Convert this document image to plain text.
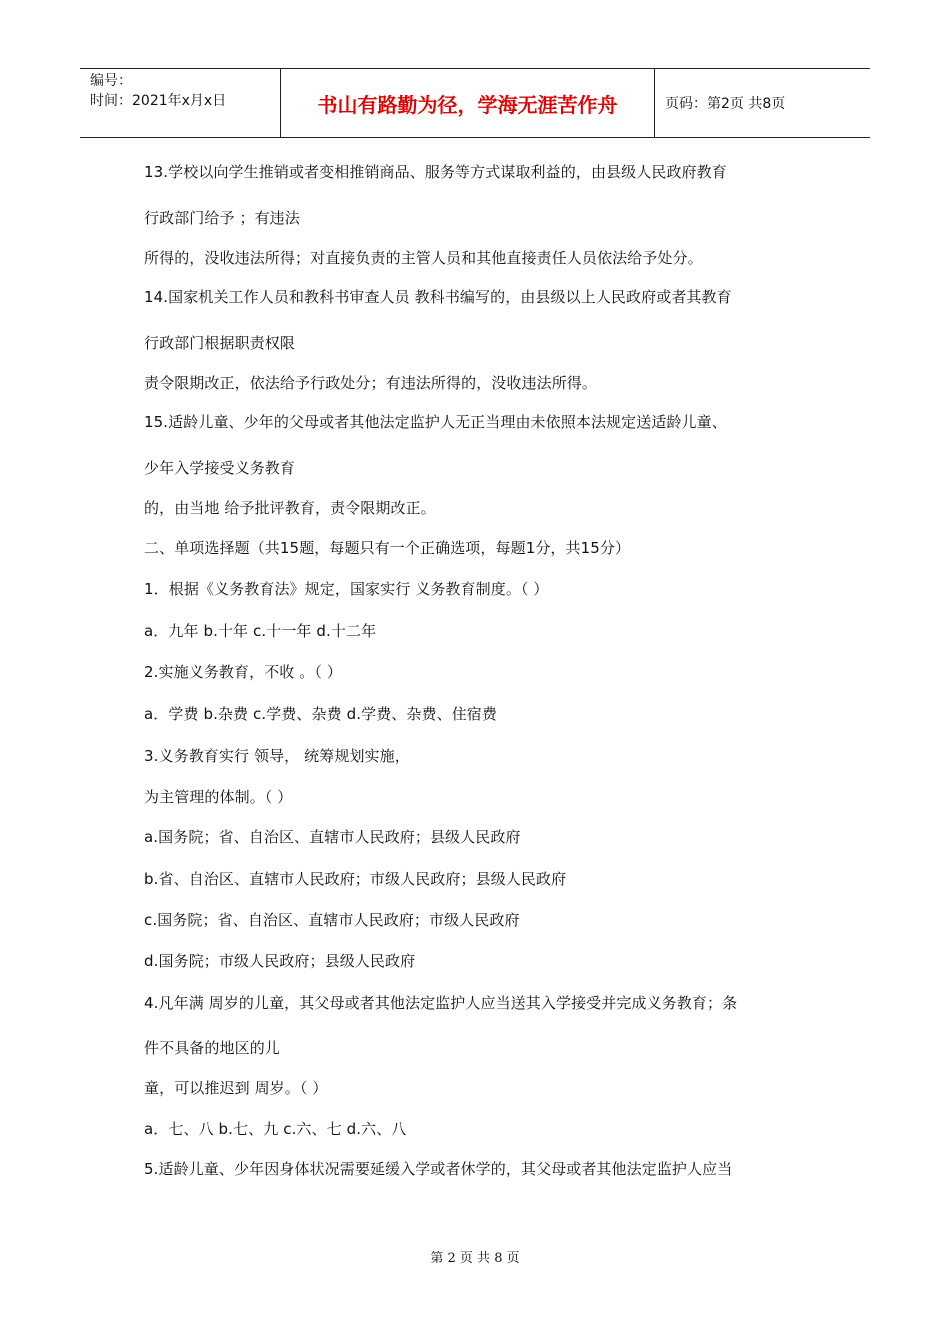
编号：
时间：2021年x月x日	书山有路勤为径，学海无涯苦作舟	页码：第2页 共8页
13.学校以向学生推销或者变相推销商品、服务等方式谋取利益的，由县级人民政府教育
行政部门给予 ；有违法
所得的，没收违法所得；对直接负责的主管人员和其他直接责任人员依法给予处分。
14.国家机关工作人员和教科书审查人员 教科书编写的，由县级以上人民政府或者其教育
行政部门根据职责权限
责令限期改正，依法给予行政处分；有违法所得的，没收违法所得。
15.适龄儿童、少年的父母或者其他法定监护人无正当理由未依照本法规定送适龄儿童、
少年入学接受义务教育
的，由当地 给予批评教育，责令限期改正。
二、单项选择题（共15题，每题只有一个正确选项，每题1分，共15分）
1．根据《义务教育法》规定，国家实行 义务教育制度。（ ）
a．九年 b.十年 c.十一年 d.十二年
2.实施义务教育，不收 。（ ）
a．学费 b.杂费 c.学费、杂费 d.学费、杂费、住宿费
3.义务教育实行 领导， 统筹规划实施，
为主管理的体制。（ ）
a.国务院；省、自治区、直辖市人民政府；县级人民政府
b.省、自治区、直辖市人民政府；市级人民政府；县级人民政府
c.国务院；省、自治区、直辖市人民政府；市级人民政府
d.国务院；市级人民政府；县级人民政府
4.凡年满 周岁的儿童，其父母或者其他法定监护人应当送其入学接受并完成义务教育；条
件不具备的地区的儿
童，可以推迟到 周岁。（ ）
a．七、八 b.七、九 c.六、七 d.六、八
5.适龄儿童、少年因身体状况需要延缓入学或者休学的，其父母或者其他法定监护人应当
第 2 页 共 8 页
